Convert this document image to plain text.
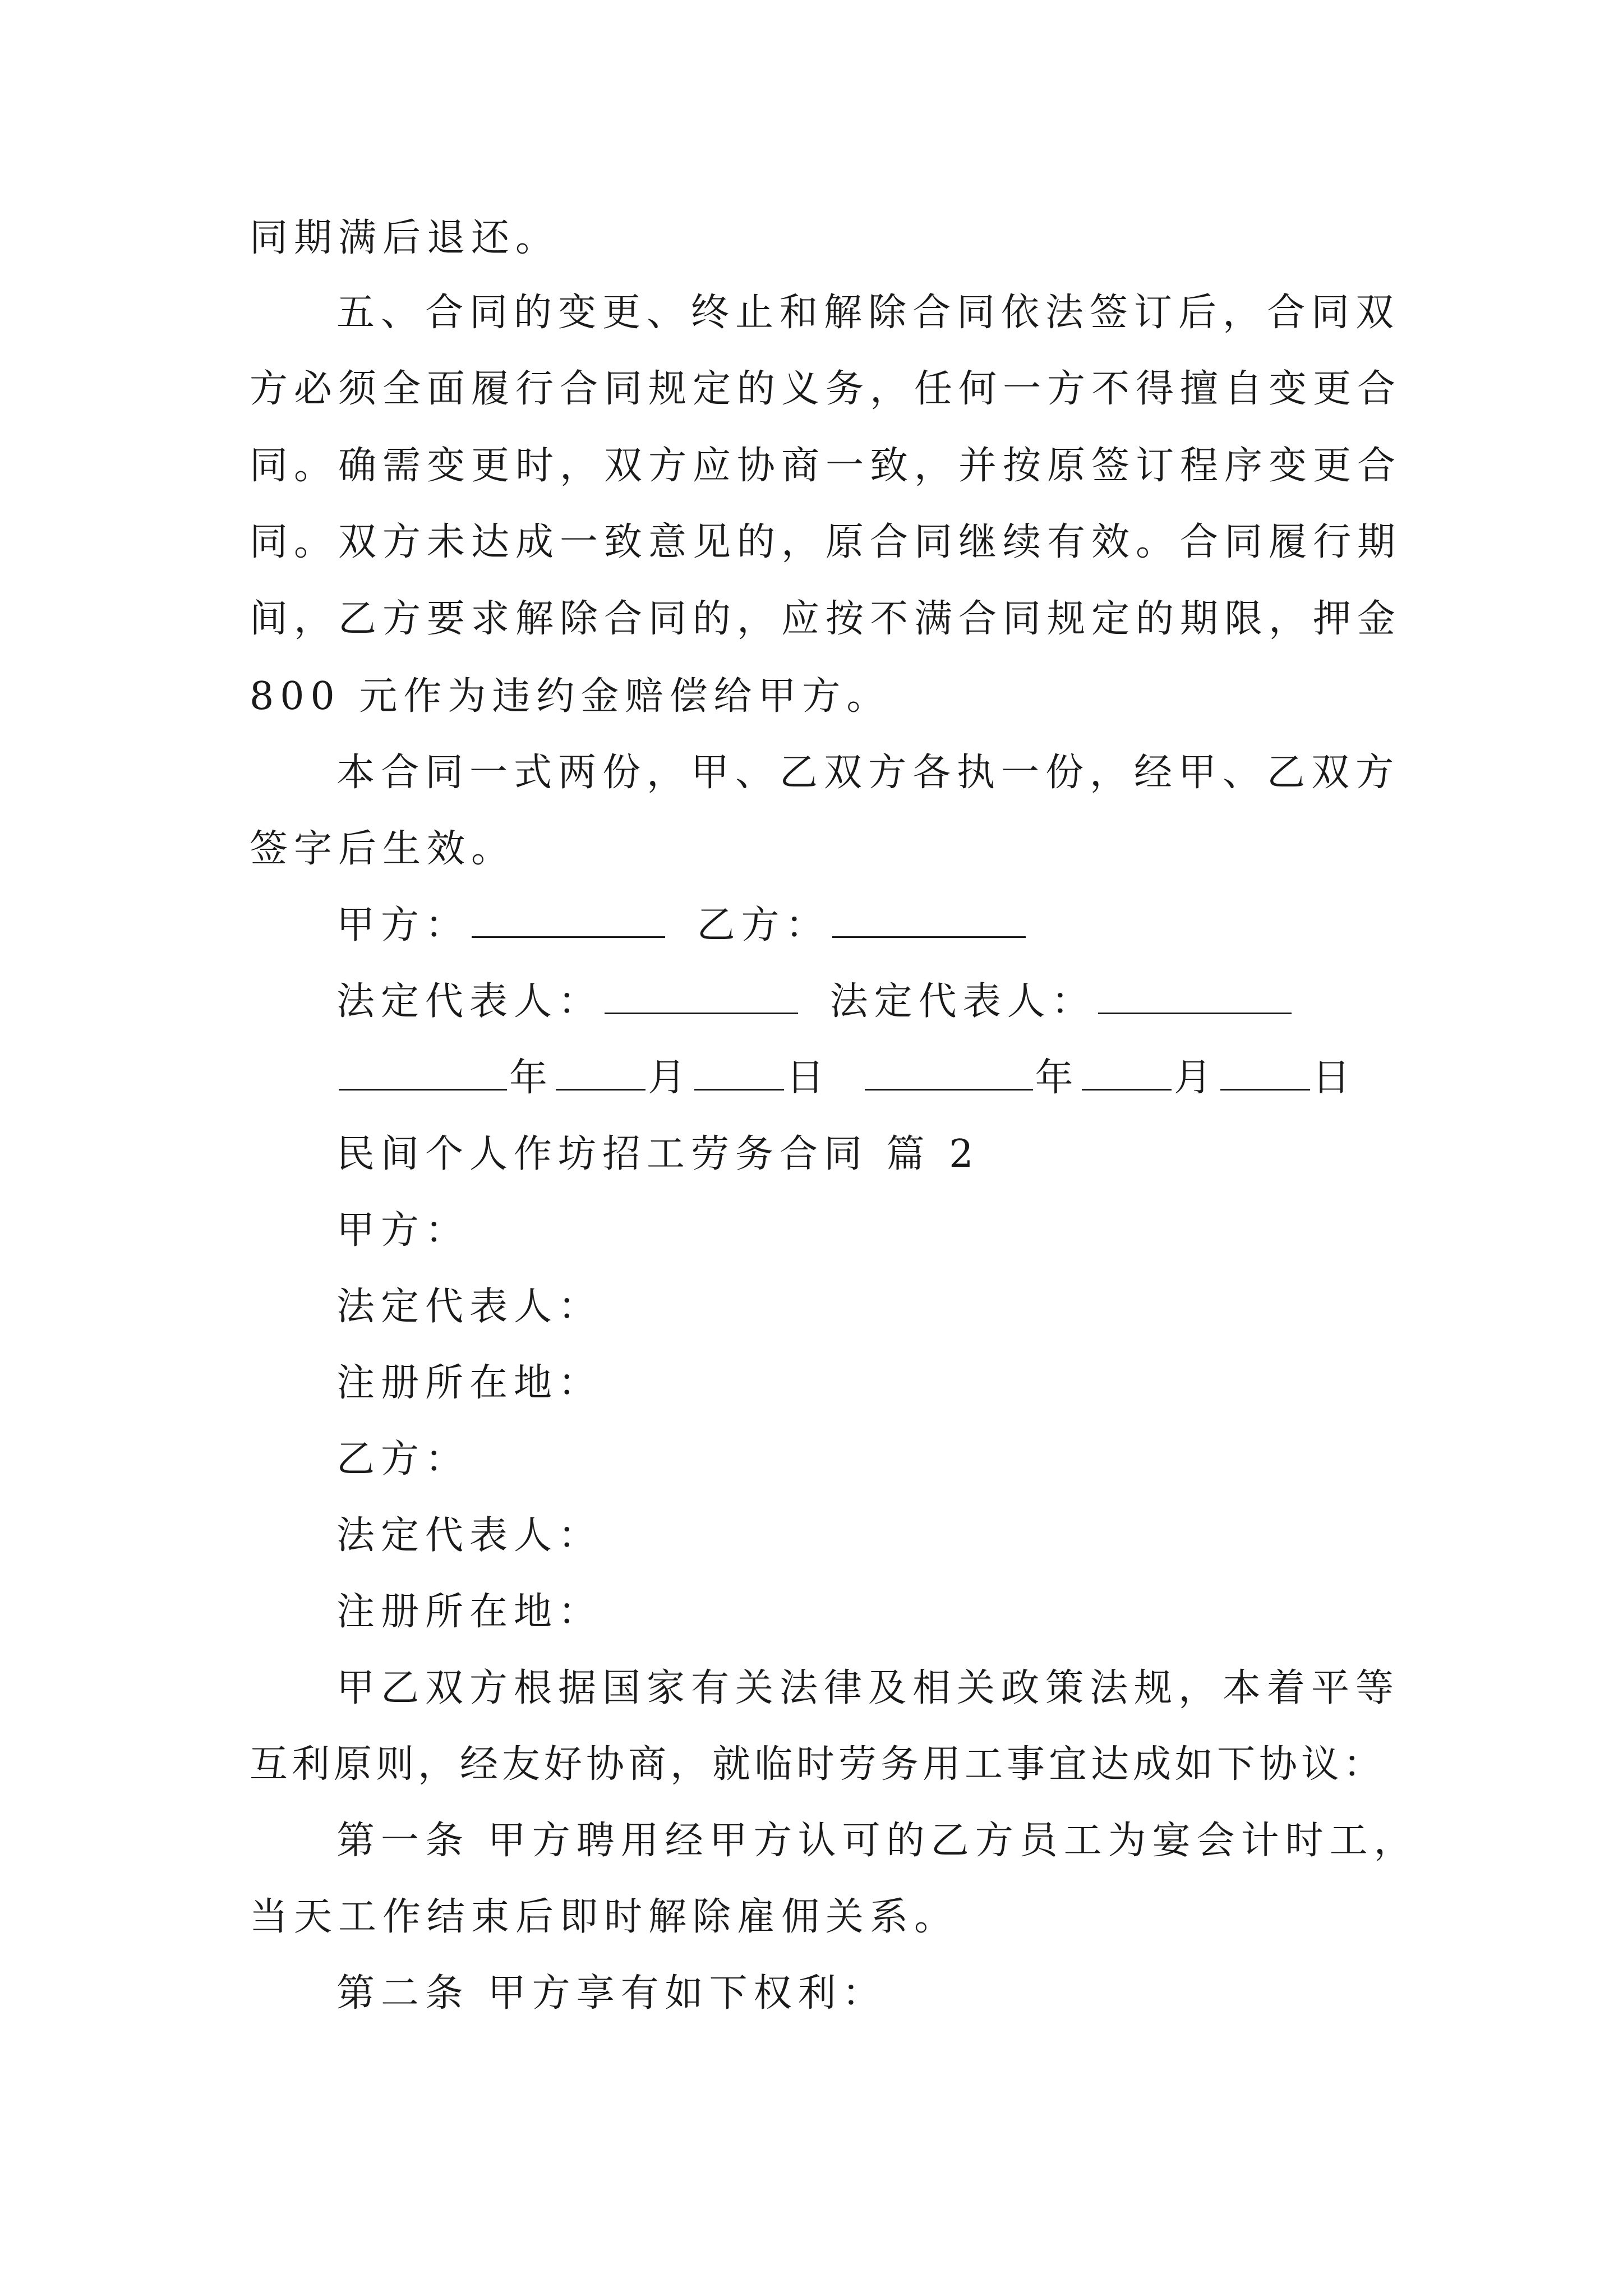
同期满后退还。
五、合同的变更、终止和解除合同依法签订后，合同双
方必须全面履行合同规定的义务，任何一方不得擅自变更合
同。确需变更时，双方应协商一致，并按原签订程序变更合
同。双方未达成一致意见的，原合同继续有效。合同履行期
间，乙方要求解除合同的，应按不满合同规定的期限，押金
800 元作为违约金赔偿给甲方。
本合同一式两份，甲、乙双方各执一份，经甲、乙双方
签字后生效。
甲方：	乙方：
法定代表人：	法定代表人：
年 月 日	年 月 日
民间个人作坊招工劳务合同 篇 2
甲方：
法定代表人：
注册所在地：
乙方：
法定代表人：
注册所在地：
甲乙双方根据国家有关法律及相关政策法规，本着平等
互利原则，经友好协商，就临时劳务用工事宜达成如下协议：
第一条 甲方聘用经甲方认可的乙方员工为宴会计时工，
当天工作结束后即时解除雇佣关系。
第二条 甲方享有如下权利：
